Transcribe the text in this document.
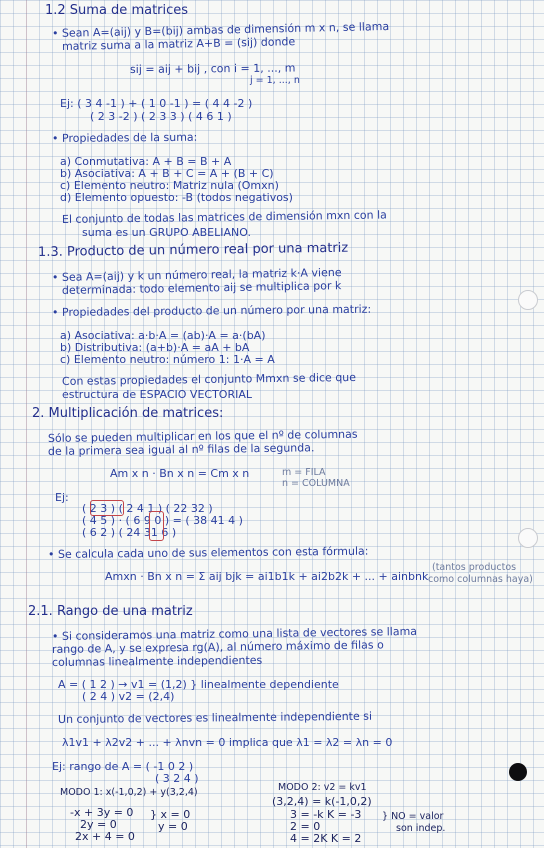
1.2 Suma de matrices
• Sean A=(aij) y B=(bij) ambas de dimensión m x n, se llama
matriz suma a la matriz A+B = (sij) donde
sij = aij + bij , con i = 1, ..., m
j = 1, ..., n
Ej: ( 3 4 -1 ) + ( 1 0 -1 ) = ( 4 4 -2 )
( 2 3 -2 ) ( 2 3 3 ) ( 4 6 1 )
• Propiedades de la suma:
a) Conmutativa: A + B = B + A
b) Asociativa: A + B + C = A + (B + C)
c) Elemento neutro: Matriz nula (Omxn)
d) Elemento opuesto: -B (todos negativos)
El conjunto de todas las matrices de dimensión mxn con la
suma es un GRUPO ABELIANO.
1.3. Producto de un número real por una matriz
• Sea A=(aij) y k un número real, la matriz k·A viene
determinada: todo elemento aij se multiplica por k
• Propiedades del producto de un número por una matriz:
a) Asociativa: a·b·A = (ab)·A = a·(bA)
b) Distributiva: (a+b)·A = aA + bA
c) Elemento neutro: número 1: 1·A = A
Con estas propiedades el conjunto Mmxn se dice que
estructura de ESPACIO VECTORIAL
2. Multiplicación de matrices:
Sólo se pueden multiplicar en los que el nº de columnas
de la primera sea igual al nº filas de la segunda.
Am x n · Bn x n = Cm x n	m = FILA
n = COLUMNA
Ej:
( 2 3 ) ( 2 4 1 ) ( 22 32 )
( 4 5 ) · ( 6 9 0 ) = ( 38 41 4 )
( 6 2 ) ( 24 31 6 )
• Se calcula cada uno de sus elementos con esta fórmula:
Amxn · Bn x n = Σ aij bjk = ai1b1k + ai2b2k + ... + ainbnk
(tantos productos
como columnas haya)
2.1. Rango de una matriz
• Si consideramos una matriz como una lista de vectores se llama
rango de A, y se expresa rg(A), al número máximo de filas o
columnas linealmente independientes
A = ( 1 2 ) → v1 = (1,2) } linealmente dependiente
( 2 4 ) v2 = (2,4)
Un conjunto de vectores es linealmente independiente si
λ1v1 + λ2v2 + ... + λnvn = 0 implica que λ1 = λ2 = λn = 0
Ej: rango de A = ( -1 0 2 )
( 3 2 4 )
MODO 1: x(-1,0,2) + y(3,2,4)
-x + 3y = 0
2y = 0
2x + 4 = 0
} x = 0
y = 0
MODO 2: v2 = kv1
(3,2,4) = k(-1,0,2)
3 = -k K = -3
2 = 0
4 = 2K K = 2
} NO = valor
son indep.
